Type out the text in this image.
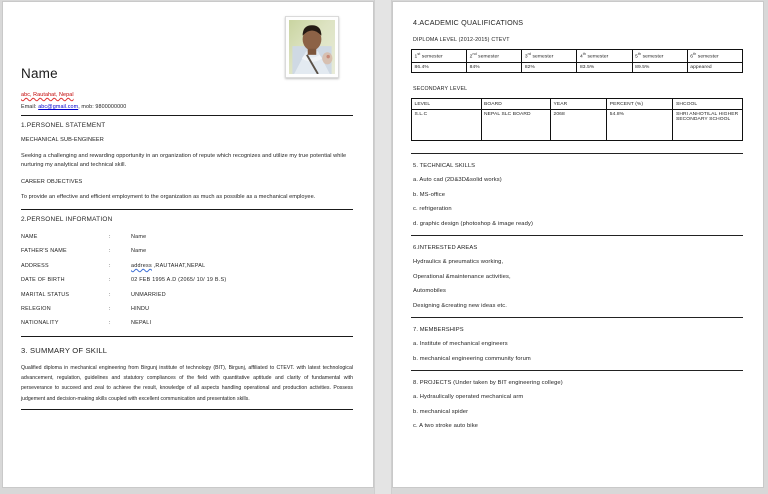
Name
abc, Rautahat, Nepal
Email: abc@gmail.com, mob: 9800000000
1.PERSONEL STATEMENT
MECHANICAL SUB-ENGINEER
Seeking a challenging and rewarding opportunity in an organization of repute which recognizes and utilize my true potential while nurturing my analytical and technical skill.
CAREER OBJECTIVES
To provide an effective and efficient employment to the organization as much as possible as a mechanical employee.
2.PERSONEL INFORMATION
NAME	:	Name
FATHER'S NAME	:	Name
ADDRESS	:	address ,RAUTAHAT,NEPAL
DATE OF BIRTH	:	02 FEB 1995 A.D (2065/ 10/ 19 B.S)
MARITAL STATUS	:	UNMARRIED
RELEGION	:	HINDU
NATIONALITY	:	NEPALI
3. SUMMARY OF SKILL
Qualified diploma in mechanical engineering from Birgunj institute of technology (BIT), Birgunj, affiliated to CTEVT. with latest technological advancement, regulation, guidelines and statutory compliances of the field with quantitative aptitude and clarity of fundamental with perseverance to succeed and zeal to achieve the result, knowledge of all aspects handling operational and production activities. Possess judgement and decision-making skills coupled with excellent communication and presentation skills.
4.ACADEMIC QUALIFICATIONS
DIPLOMA LEVEL (2012-2015) CTEVT
1st semester	2nd semester	3rd semester	4th semester	5th semester	6th semester
86.4%	84%	82%	83.5%	89.5%	appeared
SECONDARY LEVEL
LEVEL	BOARD	YEAR	PERCENT (%)	SHCOOL
S.L.C	NEPAL SLC BOARD	2068	54.8%	SHRI ANHOTILAL HIGHER SECONDARY SCHOOL
5. TECHNICAL SKILLS
a. Auto cad (2D&3D&solid works)
b. MS-office
c. refrigeration
d. graphic design (photoshop & image ready)
6.INTERESTED AREAS
Hydraulics & pneumatics working,
Operational &maintenance activities,
Automobiles
Designing &creating new ideas etc.
7. MEMBERSHIPS
a. Institute of mechanical engineers
b. mechanical engineering community forum
8. PROJECTS (Under taken by BIT engineering college)
a. Hydraulically operated mechanical arm
b. mechanical spider
c. A two stroke auto bike
